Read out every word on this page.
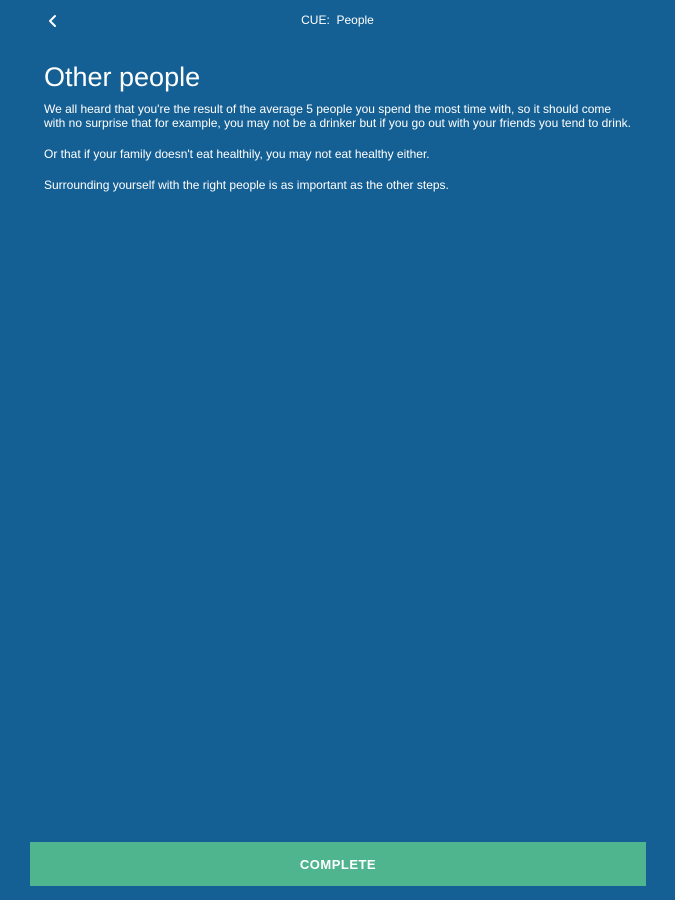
CUE:  People
Other people

We all heard that you're the result of the average 5 people you spend the most time with, so it should come with no surprise that for example, you may not be a drinker but if you go out with your friends you tend to drink.

Or that if your family doesn't eat healthily, you may not eat healthy either.

Surrounding yourself with the right people is as important as the other steps.

COMPLETE
